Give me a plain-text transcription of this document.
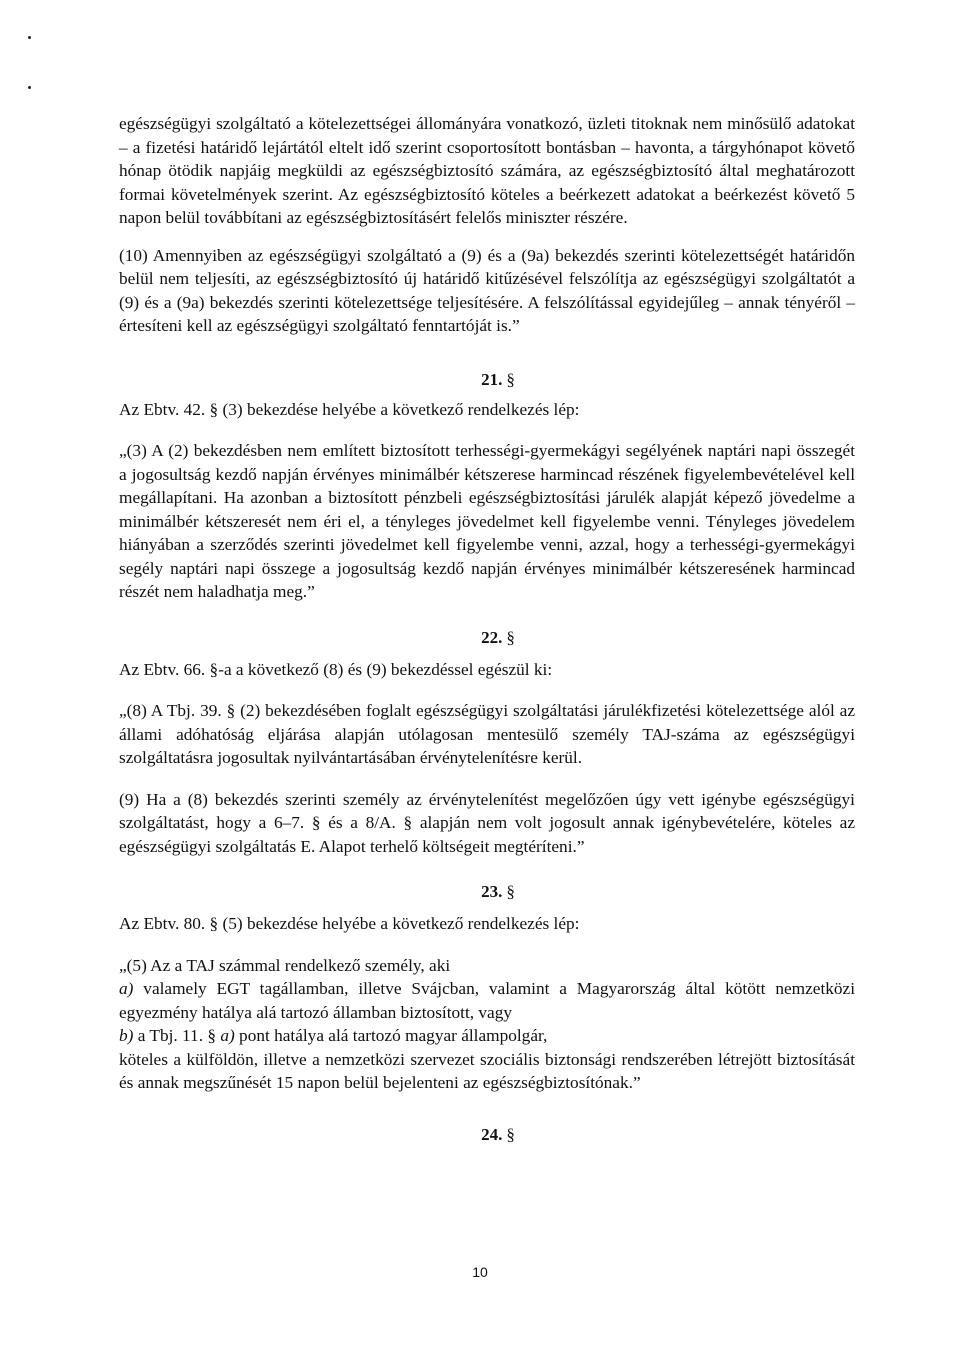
egészségügyi szolgáltató a kötelezettségei állományára vonatkozó, üzleti titoknak nem minősülő adatokat – a fizetési határidő lejártától eltelt idő szerint csoportosított bontásban – havonta, a tárgyhónapot követő hónap ötödik napjáig megküldi az egészségbiztosító számára, az egészségbiztosító által meghatározott formai követelmények szerint. Az egészségbiztosító köteles a beérkezett adatokat a beérkezést követő 5 napon belül továbbítani az egészségbiztosításért felelős miniszter részére.

(10) Amennyiben az egészségügyi szolgáltató a (9) és a (9a) bekezdés szerinti kötelezettségét határidőn belül nem teljesíti, az egészségbiztosító új határidő kitűzésével felszólítja az egészségügyi szolgáltatót a (9) és a (9a) bekezdés szerinti kötelezettsége teljesítésére. A felszólítással egyidejűleg – annak tényéről – értesíteni kell az egészségügyi szolgáltató fenntartóját is.”

21. §

Az Ebtv. 42. § (3) bekezdése helyébe a következő rendelkezés lép:

„(3) A (2) bekezdésben nem említett biztosított terhességi-gyermekágyi segélyének naptári napi összegét a jogosultság kezdő napján érvényes minimálbér kétszerese harmincad részének figyelembevételével kell megállapítani. Ha azonban a biztosított pénzbeli egészségbiztosítási járulék alapját képező jövedelme a minimálbér kétszeresét nem éri el, a tényleges jövedelmet kell figyelembe venni. Tényleges jövedelem hiányában a szerződés szerinti jövedelmet kell figyelembe venni, azzal, hogy a terhességi-gyermekágyi segély naptári napi összege a jogosultság kezdő napján érvényes minimálbér kétszeresének harmincad részét nem haladhatja meg.”

22. §

Az Ebtv. 66. §-a a következő (8) és (9) bekezdéssel egészül ki:

„(8) A Tbj. 39. § (2) bekezdésében foglalt egészségügyi szolgáltatási járulékfizetési kötelezettsége alól az állami adóhatóság eljárása alapján utólagosan mentesülő személy TAJ-száma az egészségügyi szolgáltatásra jogosultak nyilvántartásában érvénytelenítésre kerül.

(9) Ha a (8) bekezdés szerinti személy az érvénytelenítést megelőzően úgy vett igénybe egészségügyi szolgáltatást, hogy a 6–7. § és a 8/A. § alapján nem volt jogosult annak igénybevételére, köteles az egészségügyi szolgáltatás E. Alapot terhelő költségeit megtéríteni.”

23. §

Az Ebtv. 80. § (5) bekezdése helyébe a következő rendelkezés lép:

„(5) Az a TAJ számmal rendelkező személy, aki
a) valamely EGT tagállamban, illetve Svájcban, valamint a Magyarország által kötött nemzetközi egyezmény hatálya alá tartozó államban biztosított, vagy
b) a Tbj. 11. § a) pont hatálya alá tartozó magyar állampolgár,
köteles a külföldön, illetve a nemzetközi szervezet szociális biztonsági rendszerében létrejött biztosítását és annak megszűnését 15 napon belül bejelenteni az egészségbiztosítónak.”

24. §

10
